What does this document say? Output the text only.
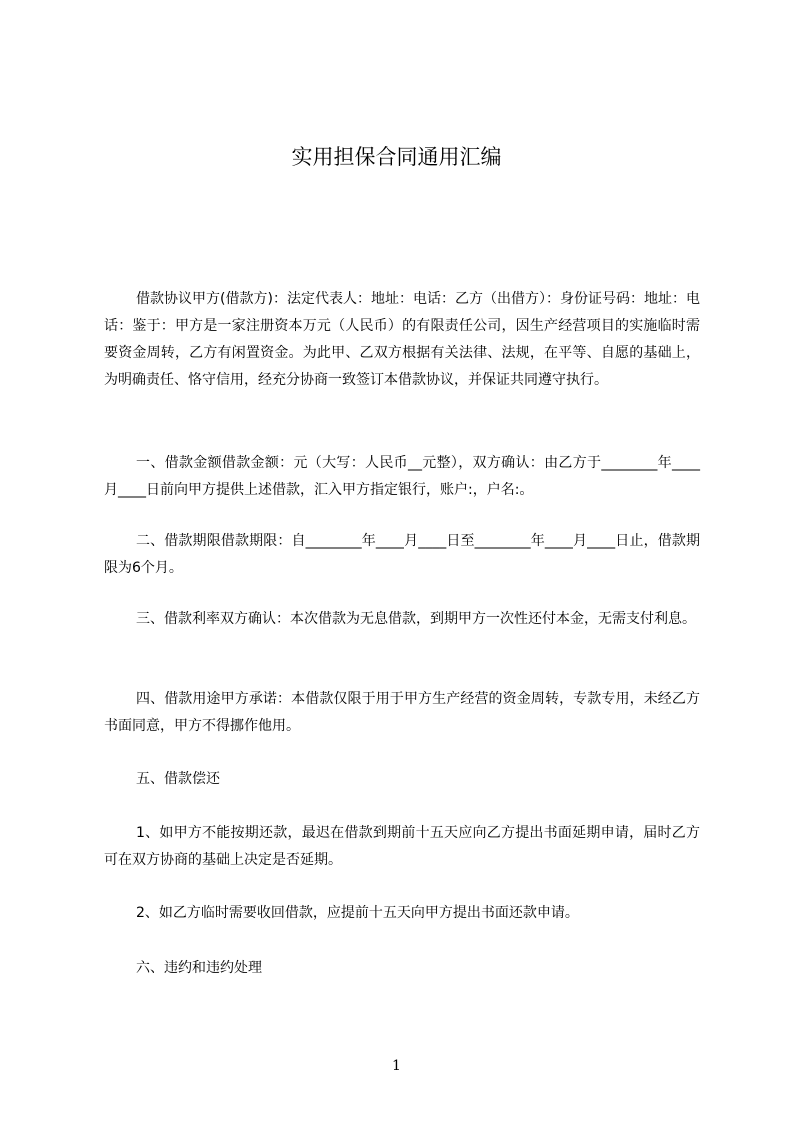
实用担保合同通用汇编

借款协议甲方(借款方)：法定代表人：地址：电话：乙方（出借方）：身份证号码：地址：电话：鉴于：甲方是一家注册资本万元（人民币）的有限责任公司，因生产经营项目的实施临时需要资金周转，乙方有闲置资金。为此甲、乙双方根据有关法律、法规，在平等、自愿的基础上，为明确责任、恪守信用，经充分协商一致签订本借款协议，并保证共同遵守执行。

一、借款金额借款金额：元（大写：人民币__元整），双方确认：由乙方于________年____月____日前向甲方提供上述借款，汇入甲方指定银行，账户:，户名:。

二、借款期限借款期限：自________年____月____日至________年____月____日止，借款期限为6个月。

三、借款利率双方确认：本次借款为无息借款，到期甲方一次性还付本金，无需支付利息。

四、借款用途甲方承诺：本借款仅限于用于甲方生产经营的资金周转，专款专用，未经乙方书面同意，甲方不得挪作他用。

五、借款偿还

1、如甲方不能按期还款，最迟在借款到期前十五天应向乙方提出书面延期申请，届时乙方可在双方协商的基础上决定是否延期。

2、如乙方临时需要收回借款，应提前十五天向甲方提出书面还款申请。

六、违约和违约处理

1
